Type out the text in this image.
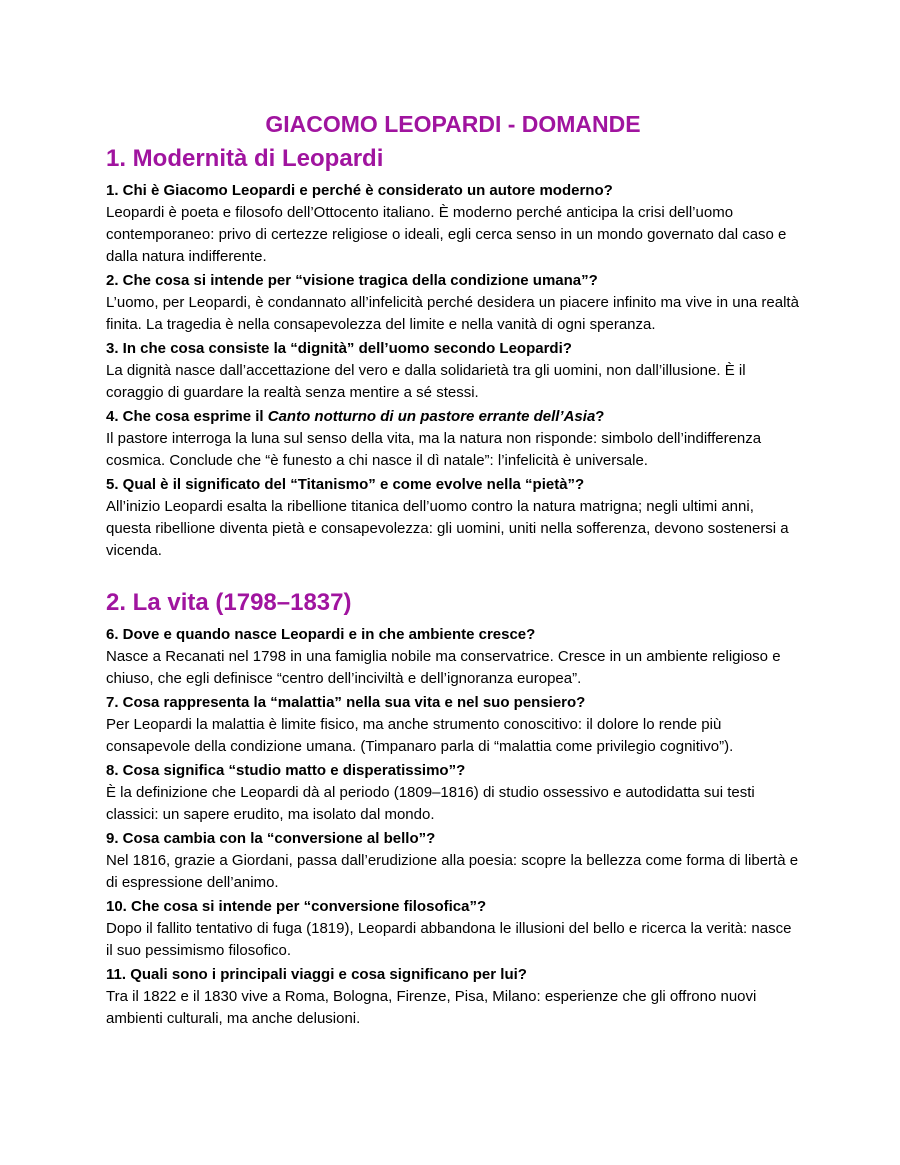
GIACOMO LEOPARDI - DOMANDE
1. Modernità di Leopardi

1. Chi è Giacomo Leopardi e perché è considerato un autore moderno?

Leopardi è poeta e filosofo dell’Ottocento italiano. È moderno perché anticipa la crisi dell’uomo contemporaneo: privo di certezze religiose o ideali, egli cerca senso in un mondo governato dal caso e dalla natura indifferente.

2. Che cosa si intende per “visione tragica della condizione umana”?

L’uomo, per Leopardi, è condannato all’infelicità perché desidera un piacere infinito ma vive in una realtà finita. La tragedia è nella consapevolezza del limite e nella vanità di ogni speranza.

3. In che cosa consiste la “dignità” dell’uomo secondo Leopardi?

La dignità nasce dall’accettazione del vero e dalla solidarietà tra gli uomini, non dall’illusione. È il coraggio di guardare la realtà senza mentire a sé stessi.

4. Che cosa esprime il Canto notturno di un pastore errante dell’Asia?

Il pastore interroga la luna sul senso della vita, ma la natura non risponde: simbolo dell’indifferenza cosmica. Conclude che “è funesto a chi nasce il dì natale”: l’infelicità è universale.

5. Qual è il significato del “Titanismo” e come evolve nella “pietà”?

All’inizio Leopardi esalta la ribellione titanica dell’uomo contro la natura matrigna; negli ultimi anni, questa ribellione diventa pietà e consapevolezza: gli uomini, uniti nella sofferenza, devono sostenersi a vicenda.

2. La vita (1798–1837)

6. Dove e quando nasce Leopardi e in che ambiente cresce?

Nasce a Recanati nel 1798 in una famiglia nobile ma conservatrice. Cresce in un ambiente religioso e chiuso, che egli definisce “centro dell’inciviltà e dell’ignoranza europea”.

7. Cosa rappresenta la “malattia” nella sua vita e nel suo pensiero?

Per Leopardi la malattia è limite fisico, ma anche strumento conoscitivo: il dolore lo rende più consapevole della condizione umana. (Timpanaro parla di “malattia come privilegio cognitivo”).

8. Cosa significa “studio matto e disperatissimo”?

È la definizione che Leopardi dà al periodo (1809–1816) di studio ossessivo e autodidatta sui testi classici: un sapere erudito, ma isolato dal mondo.

9. Cosa cambia con la “conversione al bello”?

Nel 1816, grazie a Giordani, passa dall’erudizione alla poesia: scopre la bellezza come forma di libertà e di espressione dell’animo.

10. Che cosa si intende per “conversione filosofica”?

Dopo il fallito tentativo di fuga (1819), Leopardi abbandona le illusioni del bello e ricerca la verità: nasce il suo pessimismo filosofico.

11. Quali sono i principali viaggi e cosa significano per lui?

Tra il 1822 e il 1830 vive a Roma, Bologna, Firenze, Pisa, Milano: esperienze che gli offrono nuovi ambienti culturali, ma anche delusioni.
